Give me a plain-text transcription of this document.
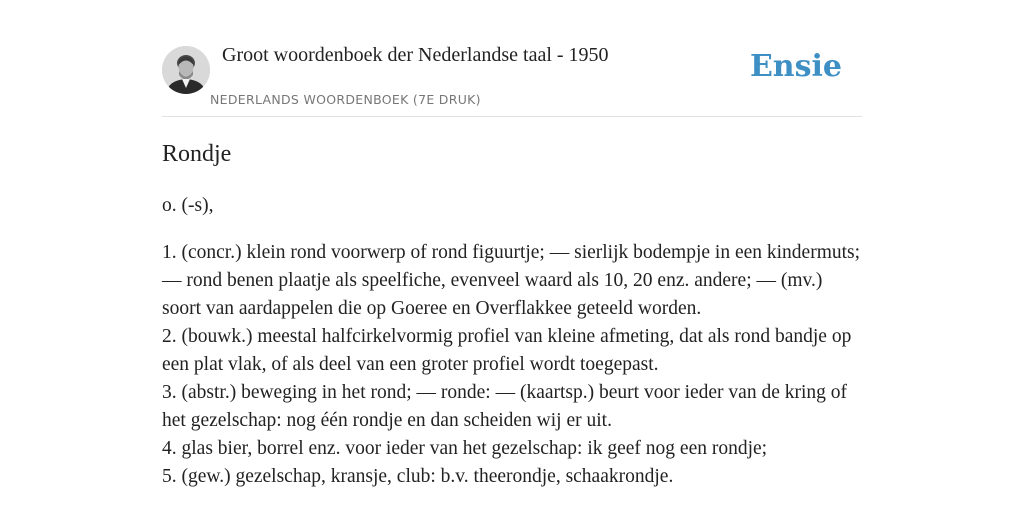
Groot woordenboek der Nederlandse taal - 1950
NEDERLANDS WOORDENBOEK (7E DRUK)
Ensie
Rondje

o. (-s),

1. (concr.) klein rond voorwerp of rond figuurtje; — sierlijk bodempje in een kindermuts; — rond benen plaatje als speelfiche, evenveel waard als 10, 20 enz. andere; — (mv.) soort van aardappelen die op Goeree en Overflakkee geteeld worden.
2. (bouwk.) meestal halfcirkelvormig profiel van kleine afmeting, dat als rond bandje op een plat vlak, of als deel van een groter profiel wordt toegepast.
3. (abstr.) beweging in het rond; — ronde: — (kaartsp.) beurt voor ieder van de kring of het gezelschap: nog één rondje en dan scheiden wij er uit.
4. glas bier, borrel enz. voor ieder van het gezelschap: ik geef nog een rondje;
5. (gew.) gezelschap, kransje, club: b.v. theerondje, schaakrondje.
